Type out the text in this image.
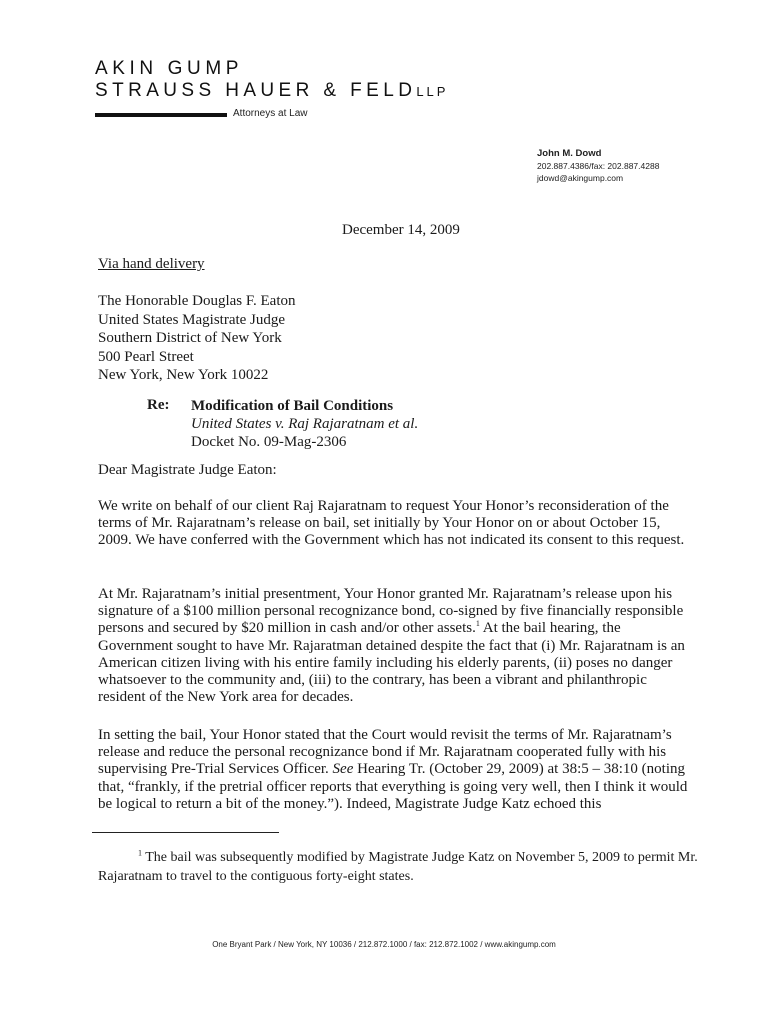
AKIN GUMP
STRAUSS HAUER & FELDLLP
Attorneys at Law
John M. Dowd
202.887.4386/fax: 202.887.4288
jdowd@akingump.com
December 14, 2009
Via hand delivery
The Honorable Douglas F. Eaton
United States Magistrate Judge
Southern District of New York
500 Pearl Street
New York, New York 10022
Re: Modification of Bail Conditions
United States v. Raj Rajaratnam et al.
Docket No. 09-Mag-2306
Dear Magistrate Judge Eaton:
We write on behalf of our client Raj Rajaratnam to request Your Honor’s reconsideration of the terms of Mr. Rajaratnam’s release on bail, set initially by Your Honor on or about October 15, 2009. We have conferred with the Government which has not indicated its consent to this request.
At Mr. Rajaratnam’s initial presentment, Your Honor granted Mr. Rajaratnam’s release upon his signature of a $100 million personal recognizance bond, co-signed by five financially responsible persons and secured by $20 million in cash and/or other assets.$^1$ At the bail hearing, the Government sought to have Mr. Rajaratman detained despite the fact that (i) Mr. Rajaratnam is an American citizen living with his entire family including his elderly parents, (ii) poses no danger whatsoever to the community and, (iii) to the contrary, has been a vibrant and philanthropic resident of the New York area for decades.
In setting the bail, Your Honor stated that the Court would revisit the terms of Mr. Rajaratnam’s release and reduce the personal recognizance bond if Mr. Rajaratnam cooperated fully with his supervising Pre-Trial Services Officer. See Hearing Tr. (October 29, 2009) at 38:5 – 38:10 (noting that, “frankly, if the pretrial officer reports that everything is going very well, then I think it would be logical to return a bit of the money.”). Indeed, Magistrate Judge Katz echoed this
$^1$ The bail was subsequently modified by Magistrate Judge Katz on November 5, 2009 to permit Mr. Rajaratnam to travel to the contiguous forty-eight states.
One Bryant Park / New York, NY 10036 / 212.872.1000 / fax: 212.872.1002 / www.akingump.com
